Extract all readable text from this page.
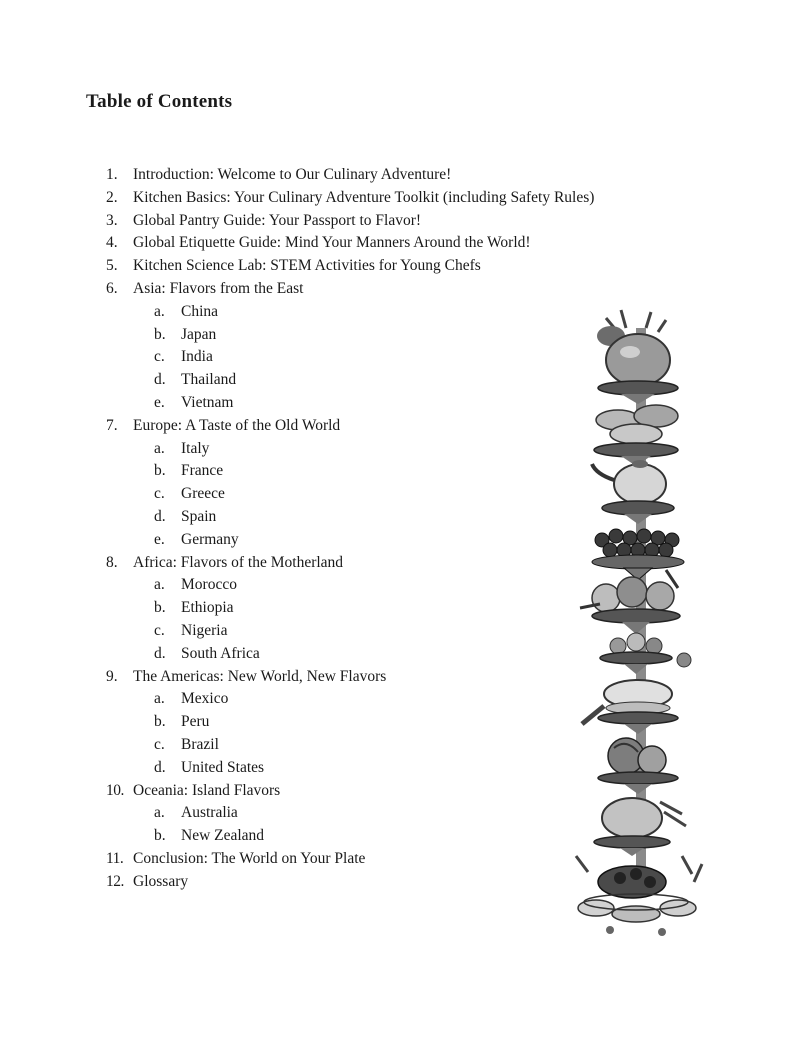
Table of Contents
1. Introduction: Welcome to Our Culinary Adventure!
2. Kitchen Basics: Your Culinary Adventure Toolkit (including Safety Rules)
3. Global Pantry Guide: Your Passport to Flavor!
4. Global Etiquette Guide: Mind Your Manners Around the World!
5. Kitchen Science Lab: STEM Activities for Young Chefs
6. Asia: Flavors from the East
a.	China
b. Japan
c.	India
d. Thailand
e.	Vietnam
7. Europe: A Taste of the Old World
a.	Italy
b. France
c.	Greece
d. Spain
e.	Germany
8. Africa: Flavors of the Motherland
a.	Morocco
b. Ethiopia
c.	Nigeria
d. South Africa
9. The Americas: New World, New Flavors
a.	Mexico
b. Peru
c.	Brazil
d. United States
10. Oceania: Island Flavors
a.	Australia
b. New Zealand
11. Conclusion: The World on Your Plate
12. Glossary
